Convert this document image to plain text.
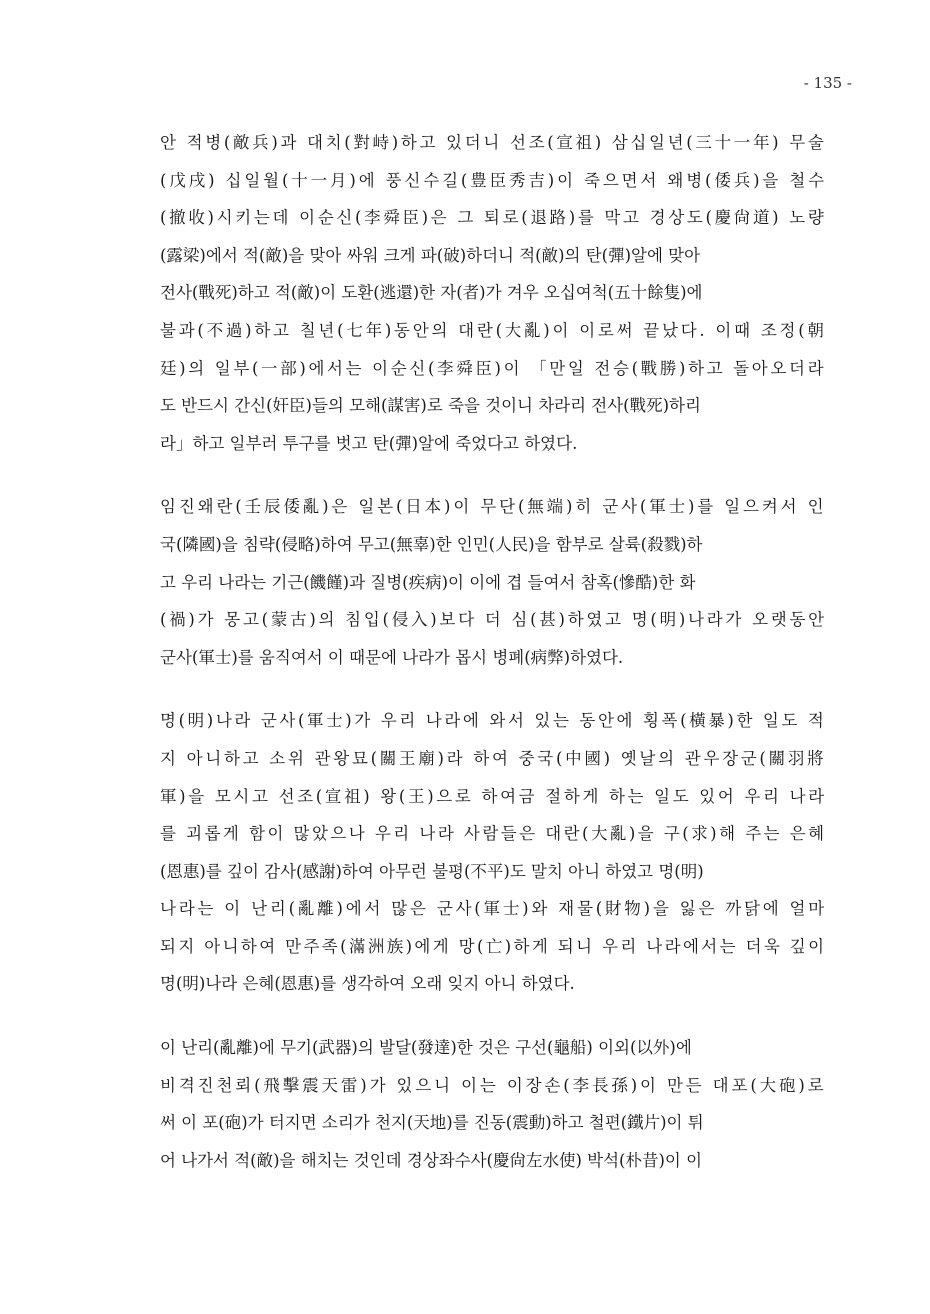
- 135 -
안 적병(敵兵)과 대치(對峙)하고 있더니 선조(宣祖) 삼십일년(三十一年) 무술
(戊戌) 십일월(十一月)에 풍신수길(豊臣秀吉)이 죽으면서 왜병(倭兵)을 철수
(撤收)시키는데 이순신(李舜臣)은 그 퇴로(退路)를 막고 경상도(慶尙道) 노량
(露梁)에서 적(敵)을 맞아 싸워 크게 파(破)하더니 적(敵)의 탄(彈)알에 맞아
전사(戰死)하고 적(敵)이 도환(逃還)한 자(者)가 겨우 오십여척(五十餘隻)에
불과(不過)하고 칠년(七年)동안의 대란(大亂)이 이로써 끝났다. 이때 조정(朝
廷)의 일부(一部)에서는 이순신(李舜臣)이 「만일 전승(戰勝)하고 돌아오더라
도 반드시 간신(奸臣)들의 모해(謀害)로 죽을 것이니 차라리 전사(戰死)하리
라」하고 일부러 투구를 벗고 탄(彈)알에 죽었다고 하였다.
임진왜란(壬辰倭亂)은 일본(日本)이 무단(無端)히 군사(軍士)를 일으켜서 인
국(隣國)을 침략(侵略)하여 무고(無辜)한 인민(人民)을 함부로 살륙(殺戮)하
고 우리 나라는 기근(饑饉)과 질병(疾病)이 이에 겹 들여서 참혹(慘酷)한 화
(禍)가 몽고(蒙古)의 침입(侵入)보다 더 심(甚)하였고 명(明)나라가 오랫동안
군사(軍士)를 움직여서 이 때문에 나라가 몹시 병폐(病弊)하였다.
명(明)나라 군사(軍士)가 우리 나라에 와서 있는 동안에 횡폭(橫暴)한 일도 적
지 아니하고 소위 관왕묘(關王廟)라 하여 중국(中國) 옛날의 관우장군(關羽將
軍)을 모시고 선조(宣祖) 왕(王)으로 하여금 절하게 하는 일도 있어 우리 나라
를 괴롭게 함이 많았으나 우리 나라 사람들은 대란(大亂)을 구(求)해 주는 은혜
(恩惠)를 깊이 감사(感謝)하여 아무런 불평(不平)도 말치 아니 하였고 명(明)
나라는 이 난리(亂離)에서 많은 군사(軍士)와 재물(財物)을 잃은 까닭에 얼마
되지 아니하여 만주족(滿洲族)에게 망(亡)하게 되니 우리 나라에서는 더욱 깊이
명(明)나라 은혜(恩惠)를 생각하여 오래 잊지 아니 하였다.
이 난리(亂離)에 무기(武器)의 발달(發達)한 것은 구선(龜船) 이외(以外)에
비격진천뢰(飛擊震天雷)가 있으니 이는 이장손(李長孫)이 만든 대포(大砲)로
써 이 포(砲)가 터지면 소리가 천지(天地)를 진동(震動)하고 철편(鐵片)이 튀
어 나가서 적(敵)을 해치는 것인데 경상좌수사(慶尙左水使) 박석(朴昔)이 이
